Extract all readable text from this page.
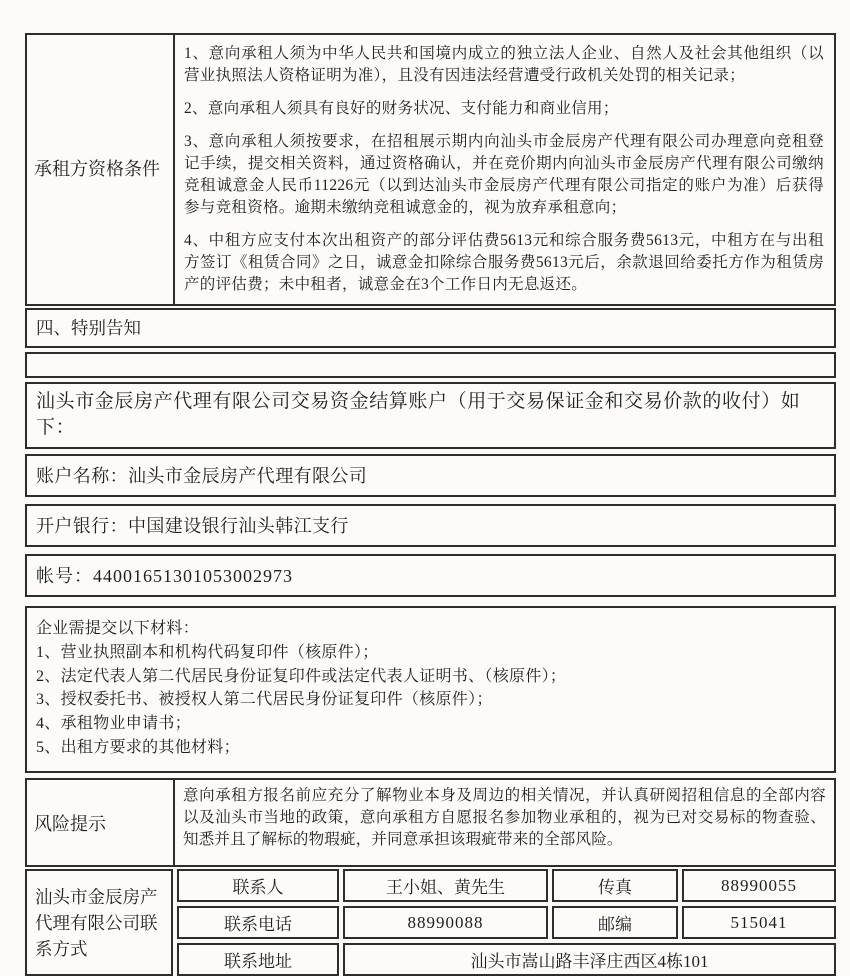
承租方资格条件

1、意向承租人须为中华人民共和国境内成立的独立法人企业、自然人及社会其他组织（以营业执照法人资格证明为准），且没有因违法经营遭受行政机关处罚的相关记录；

2、意向承租人须具有良好的财务状况、支付能力和商业信用；

3、意向承租人须按要求，在招租展示期内向汕头市金辰房产代理有限公司办理意向竞租登记手续，提交相关资料，通过资格确认，并在竞价期内向汕头市金辰房产代理有限公司缴纳竞租诚意金人民币11226元（以到达汕头市金辰房产代理有限公司指定的账户为准）后获得参与竞租资格。逾期未缴纳竞租诚意金的，视为放弃承租意向；

4、中租方应支付本次出租资产的部分评估费5613元和综合服务费5613元，中租方在与出租方签订《租赁合同》之日，诚意金扣除综合服务费5613元后，余款退回给委托方作为租赁房产的评估费；未中租者，诚意金在3个工作日内无息返还。

四、特别告知
汕头市金辰房产代理有限公司交易资金结算账户（用于交易保证金和交易价款的收付）如下：
账户名称：汕头市金辰房产代理有限公司
开户银行：中国建设银行汕头韩江支行
帐号：44001651301053002973
企业需提交以下材料：
1、营业执照副本和机构代码复印件（核原件）；
2、法定代表人第二代居民身份证复印件或法定代表人证明书、（核原件）；
3、授权委托书、被授权人第二代居民身份证复印件（核原件）；
4、承租物业申请书；
5、出租方要求的其他材料；
风险提示

意向承租方报名前应充分了解物业本身及周边的相关情况，并认真研阅招租信息的全部内容以及汕头市当地的政策，意向承租方自愿报名参加物业承租的，视为已对交易标的物查验、知悉并且了解标的物瑕疵，并同意承担该瑕疵带来的全部风险。

汕头市金辰房产代理有限公司联系方式
联系人	王小姐、黄先生	传真	88990055
联系电话	88990088	邮编	515041
联系地址	汕头市嵩山路丰泽庄西区4栋101
